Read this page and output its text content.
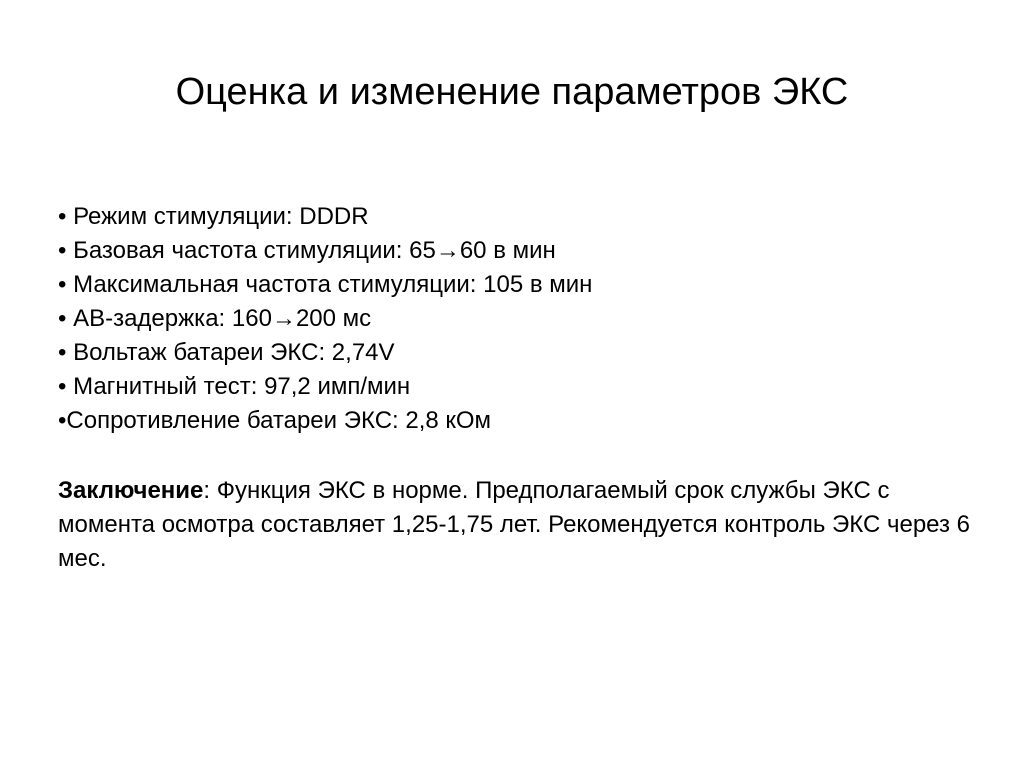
Оценка и изменение параметров ЭКС
• Режим стимуляции: DDDR
• Базовая частота стимуляции: 65→60 в мин
• Максимальная частота стимуляции: 105 в мин
• АВ-задержка: 160→200 мс
• Вольтаж батареи ЭКС: 2,74V
• Магнитный тест: 97,2 имп/мин
•Сопротивление батареи ЭКС: 2,8 кОм

Заключение: Функция ЭКС в норме. Предполагаемый срок службы ЭКС с момента осмотра составляет 1,25-1,75 лет. Рекомендуется контроль ЭКС через 6 мес.
